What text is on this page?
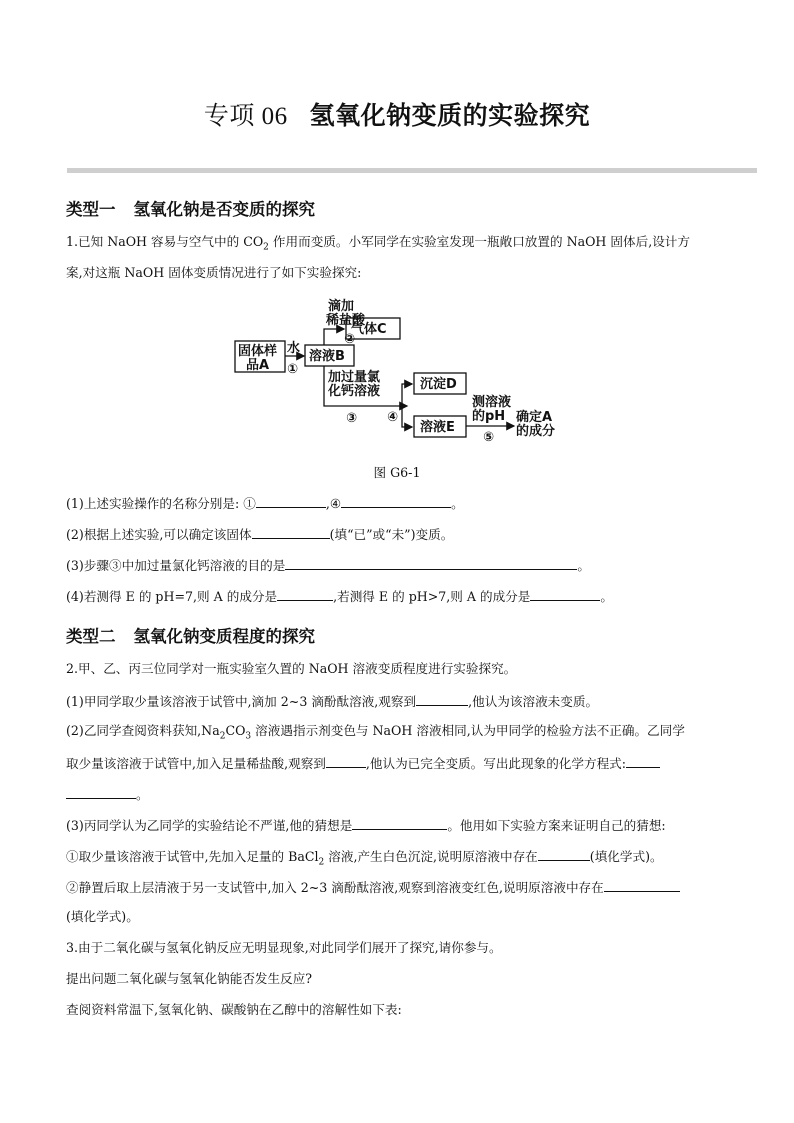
专项 06 氢氧化钠变质的实验探究
类型一 氢氧化钠是否变质的探究
1.已知 NaOH 容易与空气中的 $CO_2$ 作用而变质。小军同学在实验室发现一瓶敞口放置的 NaOH 固体后,设计方
案,对这瓶 NaOH 固体变质情况进行了如下实验探究:
固体样
品A
水
①
溶液B
滴加
稀盐酸
②
气体C
加过量氯
化钙溶液
③ ④
沉淀D
溶液E
测溶液
的pH
⑤
确定A
的成分
图 G6-1
(1)上述实验操作的名称分别是: ①	,④	。
(2)根据上述实验,可以确定该固体	(填“已”或“未”)变质。
(3)步骤③中加过量氯化钙溶液的目的是	。
(4)若测得 E 的 pH=7,则 A 的成分是	,若测得 E 的 pH>7,则 A 的成分是	。
类型二 氢氧化钠变质程度的探究
2.甲、乙、丙三位同学对一瓶实验室久置的 NaOH 溶液变质程度进行实验探究。
(1)甲同学取少量该溶液于试管中,滴加 2~3 滴酚酞溶液,观察到	,他认为该溶液未变质。
(2)乙同学查阅资料获知$,Na_2CO_3$ 溶液遇指示剂变色与 NaOH 溶液相同,认为甲同学的检验方法不正确。乙同学
取少量该溶液于试管中,加入足量稀盐酸,观察到	,他认为已完全变质。写出此现象的化学方程式:
。
(3)丙同学认为乙同学的实验结论不严谨,他的猜想是	。他用如下实验方案来证明自己的猜想:
①取少量该溶液于试管中,先加入足量的 BaCl$_2$ 溶液,产生白色沉淀,说明原溶液中存在	(填化学式)。
②静置后取上层清液于另一支试管中,加入 2~3 滴酚酞溶液,观察到溶液变红色,说明原溶液中存在
(填化学式)。
3.由于二氧化碳与氢氧化钠反应无明显现象,对此同学们展开了探究,请你参与。
提出问题二氧化碳与氢氧化钠能否发生反应?
查阅资料常温下,氢氧化钠、碳酸钠在乙醇中的溶解性如下表:
